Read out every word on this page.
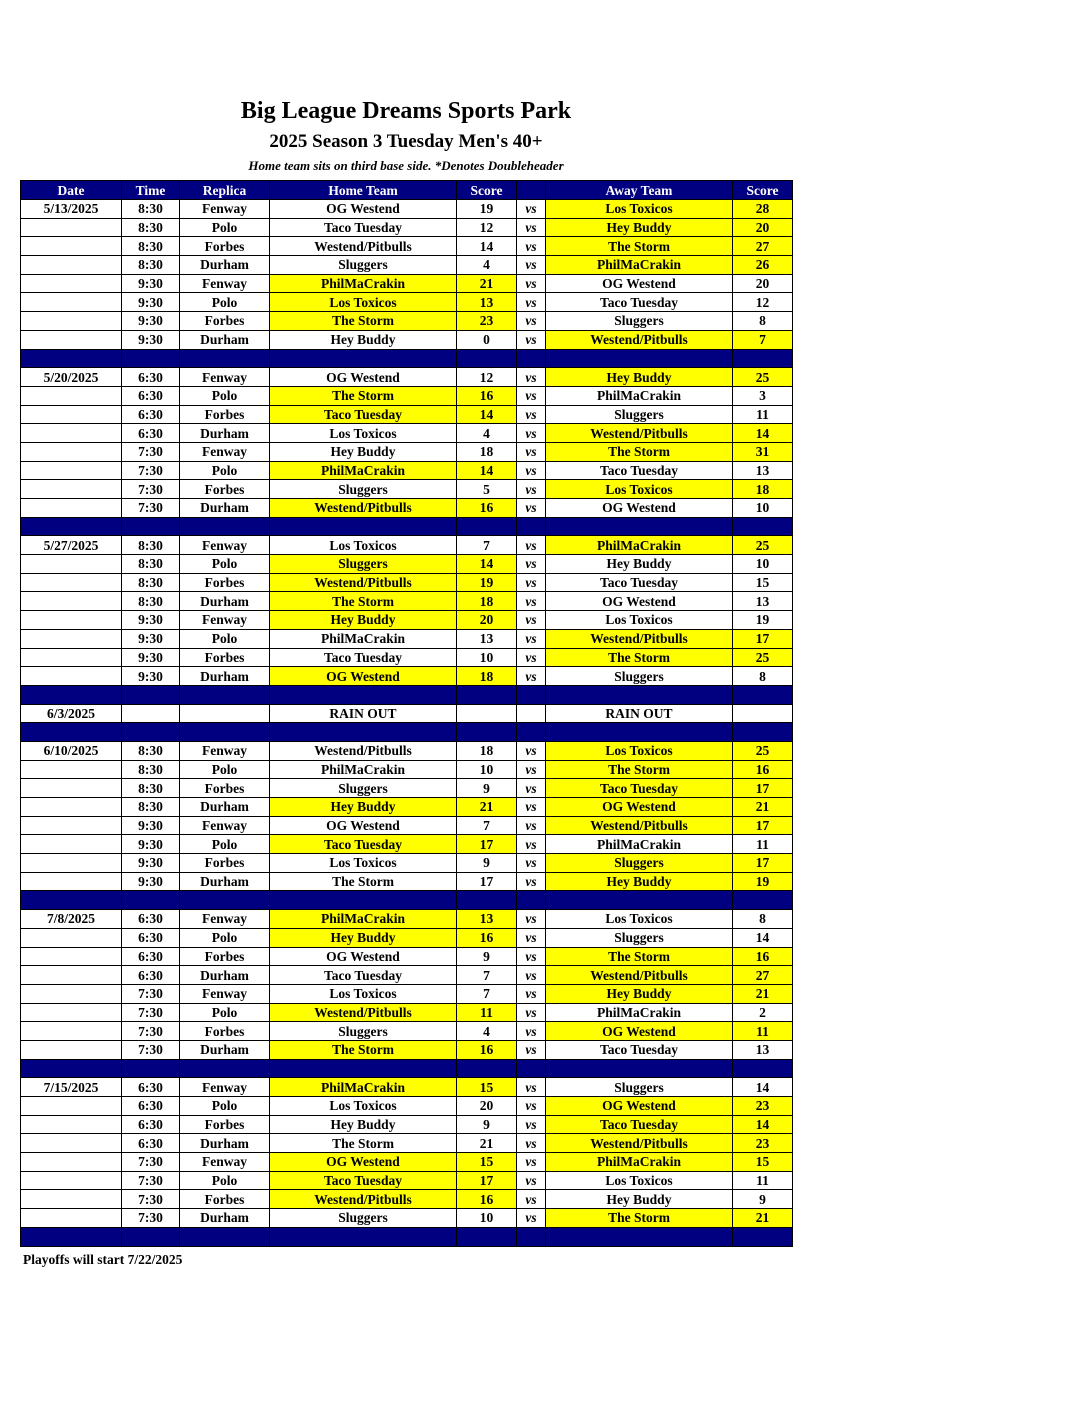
Big League Dreams Sports Park
2025 Season 3 Tuesday Men's 40+
Home team sits on third base side. *Denotes Doubleheader
Date	Time	Replica	Home Team	Score		Away Team	Score
5/13/2025	8:30	Fenway	OG Westend	19	vs	Los Toxicos	28
	8:30	Polo	Taco Tuesday	12	vs	Hey Buddy	20
	8:30	Forbes	Westend/Pitbulls	14	vs	The Storm	27
	8:30	Durham	Sluggers	4	vs	PhilMaCrakin	26
	9:30	Fenway	PhilMaCrakin	21	vs	OG Westend	20
	9:30	Polo	Los Toxicos	13	vs	Taco Tuesday	12
	9:30	Forbes	The Storm	23	vs	Sluggers	8
	9:30	Durham	Hey Buddy	0	vs	Westend/Pitbulls	7

5/20/2025	6:30	Fenway	OG Westend	12	vs	Hey Buddy	25
	6:30	Polo	The Storm	16	vs	PhilMaCrakin	3
	6:30	Forbes	Taco Tuesday	14	vs	Sluggers	11
	6:30	Durham	Los Toxicos	4	vs	Westend/Pitbulls	14
	7:30	Fenway	Hey Buddy	18	vs	The Storm	31
	7:30	Polo	PhilMaCrakin	14	vs	Taco Tuesday	13
	7:30	Forbes	Sluggers	5	vs	Los Toxicos	18
	7:30	Durham	Westend/Pitbulls	16	vs	OG Westend	10

5/27/2025	8:30	Fenway	Los Toxicos	7	vs	PhilMaCrakin	25
	8:30	Polo	Sluggers	14	vs	Hey Buddy	10
	8:30	Forbes	Westend/Pitbulls	19	vs	Taco Tuesday	15
	8:30	Durham	The Storm	18	vs	OG Westend	13
	9:30	Fenway	Hey Buddy	20	vs	Los Toxicos	19
	9:30	Polo	PhilMaCrakin	13	vs	Westend/Pitbulls	17
	9:30	Forbes	Taco Tuesday	10	vs	The Storm	25
	9:30	Durham	OG Westend	18	vs	Sluggers	8

6/3/2025			RAIN OUT			RAIN OUT	

6/10/2025	8:30	Fenway	Westend/Pitbulls	18	vs	Los Toxicos	25
	8:30	Polo	PhilMaCrakin	10	vs	The Storm	16
	8:30	Forbes	Sluggers	9	vs	Taco Tuesday	17
	8:30	Durham	Hey Buddy	21	vs	OG Westend	21
	9:30	Fenway	OG Westend	7	vs	Westend/Pitbulls	17
	9:30	Polo	Taco Tuesday	17	vs	PhilMaCrakin	11
	9:30	Forbes	Los Toxicos	9	vs	Sluggers	17
	9:30	Durham	The Storm	17	vs	Hey Buddy	19

7/8/2025	6:30	Fenway	PhilMaCrakin	13	vs	Los Toxicos	8
	6:30	Polo	Hey Buddy	16	vs	Sluggers	14
	6:30	Forbes	OG Westend	9	vs	The Storm	16
	6:30	Durham	Taco Tuesday	7	vs	Westend/Pitbulls	27
	7:30	Fenway	Los Toxicos	7	vs	Hey Buddy	21
	7:30	Polo	Westend/Pitbulls	11	vs	PhilMaCrakin	2
	7:30	Forbes	Sluggers	4	vs	OG Westend	11
	7:30	Durham	The Storm	16	vs	Taco Tuesday	13

7/15/2025	6:30	Fenway	PhilMaCrakin	15	vs	Sluggers	14
	6:30	Polo	Los Toxicos	20	vs	OG Westend	23
	6:30	Forbes	Hey Buddy	9	vs	Taco Tuesday	14
	6:30	Durham	The Storm	21	vs	Westend/Pitbulls	23
	7:30	Fenway	OG Westend	15	vs	PhilMaCrakin	15
	7:30	Polo	Taco Tuesday	17	vs	Los Toxicos	11
	7:30	Forbes	Westend/Pitbulls	16	vs	Hey Buddy	9
	7:30	Durham	Sluggers	10	vs	The Storm	21

Playoffs will start 7/22/2025
